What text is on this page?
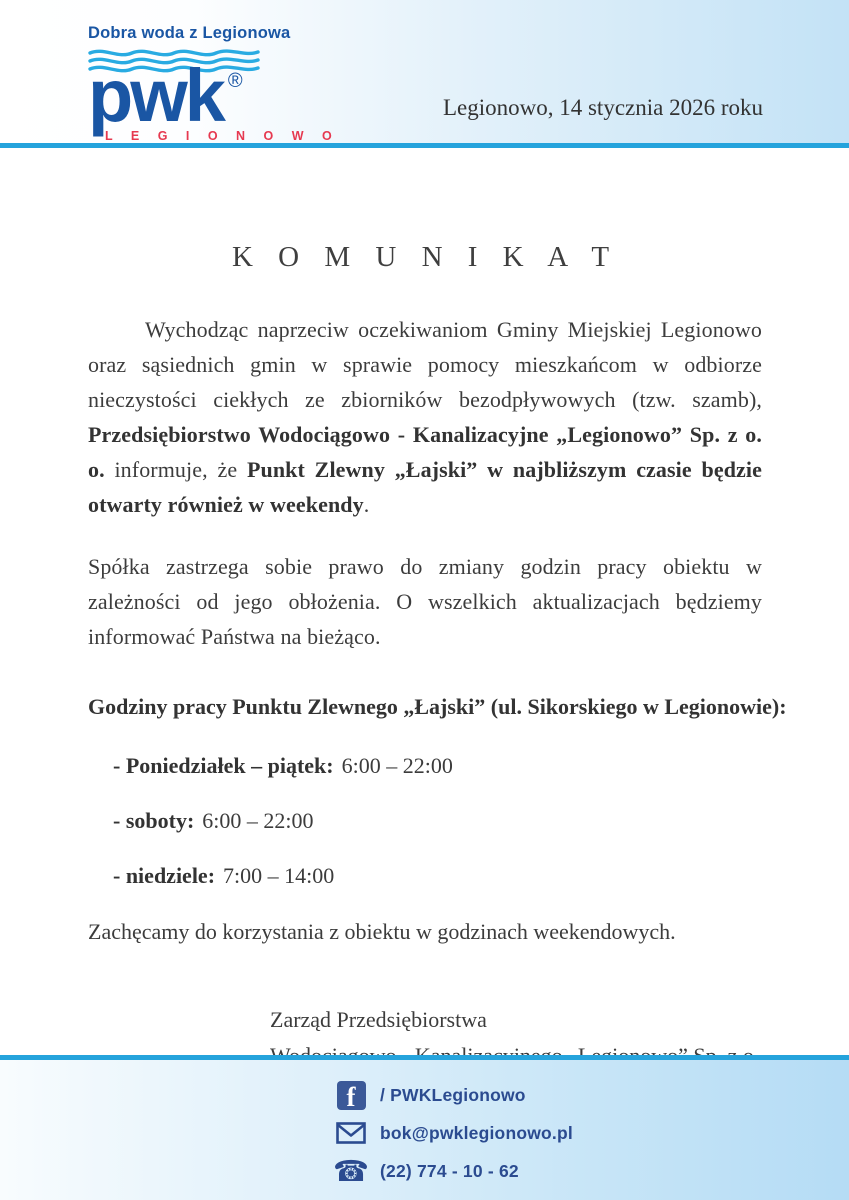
Dobra woda z Legionowa
pwk ®
L E G I O N O W O
Legionowo, 14 stycznia 2026 roku
K O M U N I K A T

Wychodząc naprzeciw oczekiwaniom Gminy Miejskiej Legionowo oraz sąsiednich gmin w sprawie pomocy mieszkańcom w odbiorze nieczystości ciekłych ze zbiorników bezodpływowych (tzw. szamb), Przedsiębiorstwo Wodociągowo - Kanalizacyjne „Legionowo” Sp. z o. o. informuje, że Punkt Zlewny „Łajski” w najbliższym czasie będzie otwarty również w weekendy.

Spółka zastrzega sobie prawo do zmiany godzin pracy obiektu w zależności od jego obłożenia. O wszelkich aktualizacjach będziemy informować Państwa na bieżąco.

Godziny pracy Punktu Zlewnego „Łajski” (ul. Sikorskiego w Legionowie):

- Poniedziałek – piątek: 6:00 – 22:00
- soboty: 6:00 – 22:00
- niedziele: 7:00 – 14:00

Zachęcamy do korzystania z obiektu w godzinach weekendowych.

Zarząd Przedsiębiorstwa
f	/ PWKLegionowo
bok@pwklegionowo.pl
☎ (22) 774 - 10 - 62
